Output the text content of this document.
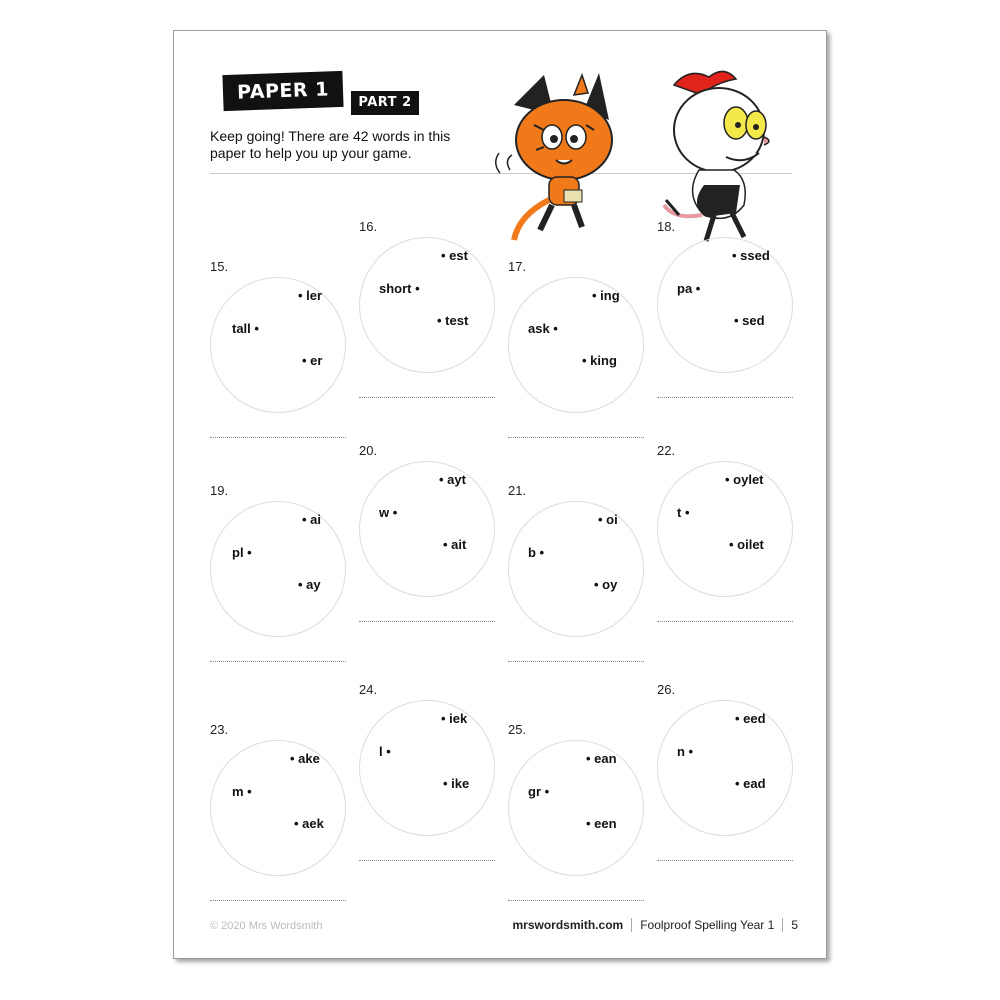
PAPER 1	PART 2
Keep going! There are 42 words in this paper to help you up your game.
15.
• ler
tall •
• er
16.
• est
short •
• test
17.
• ing
ask •
• king
18.
• ssed
pa •
• sed
19.
• ai
pl •
• ay
20.
• ayt
w •
• ait
21.
• oi
b •
• oy
22.
• oylet
t •
• oilet
23.
• ake
m •
• aek
24.
• iek
l •
• ike
25.
• ean
gr •
• een
26.
• eed
n •
• ead
© 2020 Mrs Wordsmith	mrswordsmith.com Foolproof Spelling Year 1 5
